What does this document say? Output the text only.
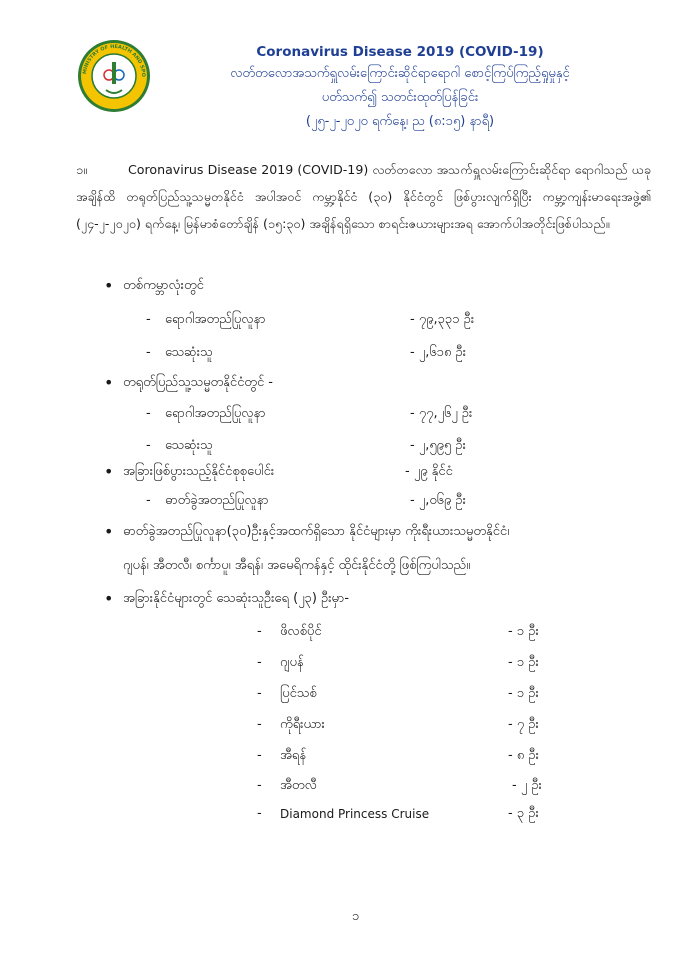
MINISTRY OF HEALTH AND SPO
Coronavirus Disease 2019 (COVID-19)
လတ်တလောအသက်ရှူလမ်းကြောင်းဆိုင်ရာရောဂါ စောင့်ကြပ်ကြည့်ရှုမှုနှင့်
ပတ်သက်၍ သတင်းထုတ်ပြန်ခြင်း
(၂၅-၂-၂၀၂၀ ရက်နေ့၊ ည (၈:၁၅) နာရီ)
၁။	Coronavirus Disease 2019 (COVID-19) လတ်တလော အသက်ရှူလမ်းကြောင်းဆိုင်ရာ ရောဂါသည် ယခုအချိန်ထိ တရုတ်ပြည်သူ့သမ္မတနိုင်ငံ အပါအဝင် ကမ္ဘာ့နိုင်ငံ (၃၀) နိုင်ငံတွင် ဖြစ်ပွားလျက်ရှိပြီး ကမ္ဘာ့ကျန်းမာရေးအဖွဲ့၏ (၂၄-၂-၂၀၂၀) ရက်နေ့၊ မြန်မာစံတော်ချိန် (၁၅:၃၀) အချိန်ရရှိသော စာရင်းဇယားများအရ အောက်ပါအတိုင်းဖြစ်ပါသည်။
• တစ်ကမ္ဘာလုံးတွင်
- ရောဂါအတည်ပြုလူနာ	- ၇၉,၃၃၁ ဦး
- သေဆုံးသူ	- ၂,၆၁၈ ဦး
• တရုတ်ပြည်သူ့သမ္မတနိုင်ငံတွင် -
- ရောဂါအတည်ပြုလူနာ	- ၇၇,၂၆၂ ဦး
- သေဆုံးသူ	- ၂,၅၉၅ ဦး
• အခြားဖြစ်ပွားသည့်နိုင်ငံစုစုပေါင်း	- ၂၉ နိုင်ငံ
- ဓာတ်ခွဲအတည်ပြုလူနာ	- ၂,၀၆၉ ဦး
• ဓာတ်ခွဲအတည်ပြုလူနာ(၃၀)ဦးနှင့်အထက်ရှိသော နိုင်ငံများမှာ ကိုးရီးယားသမ္မတနိုင်ငံ၊
ဂျပန်၊ အီတလီ၊ စင်္ကာပူ၊ အီရန်၊ အမေရိကန်နှင့် ထိုင်းနိုင်ငံတို့ ဖြစ်ကြပါသည်။
• အခြားနိုင်ငံများတွင် သေဆုံးသူဦးရေ (၂၃) ဦးမှာ-
- ဖိလစ်ပိုင်	- ၁ ဦး
- ဂျပန်	- ၁ ဦး
- ပြင်သစ်	- ၁ ဦး
- ကိုရီးယား	- ၇ ဦး
- အီရန်	- ၈ ဦး
- အီတလီ	- ၂ ဦး
- Diamond Princess Cruise	- ၃ ဦး
၁
